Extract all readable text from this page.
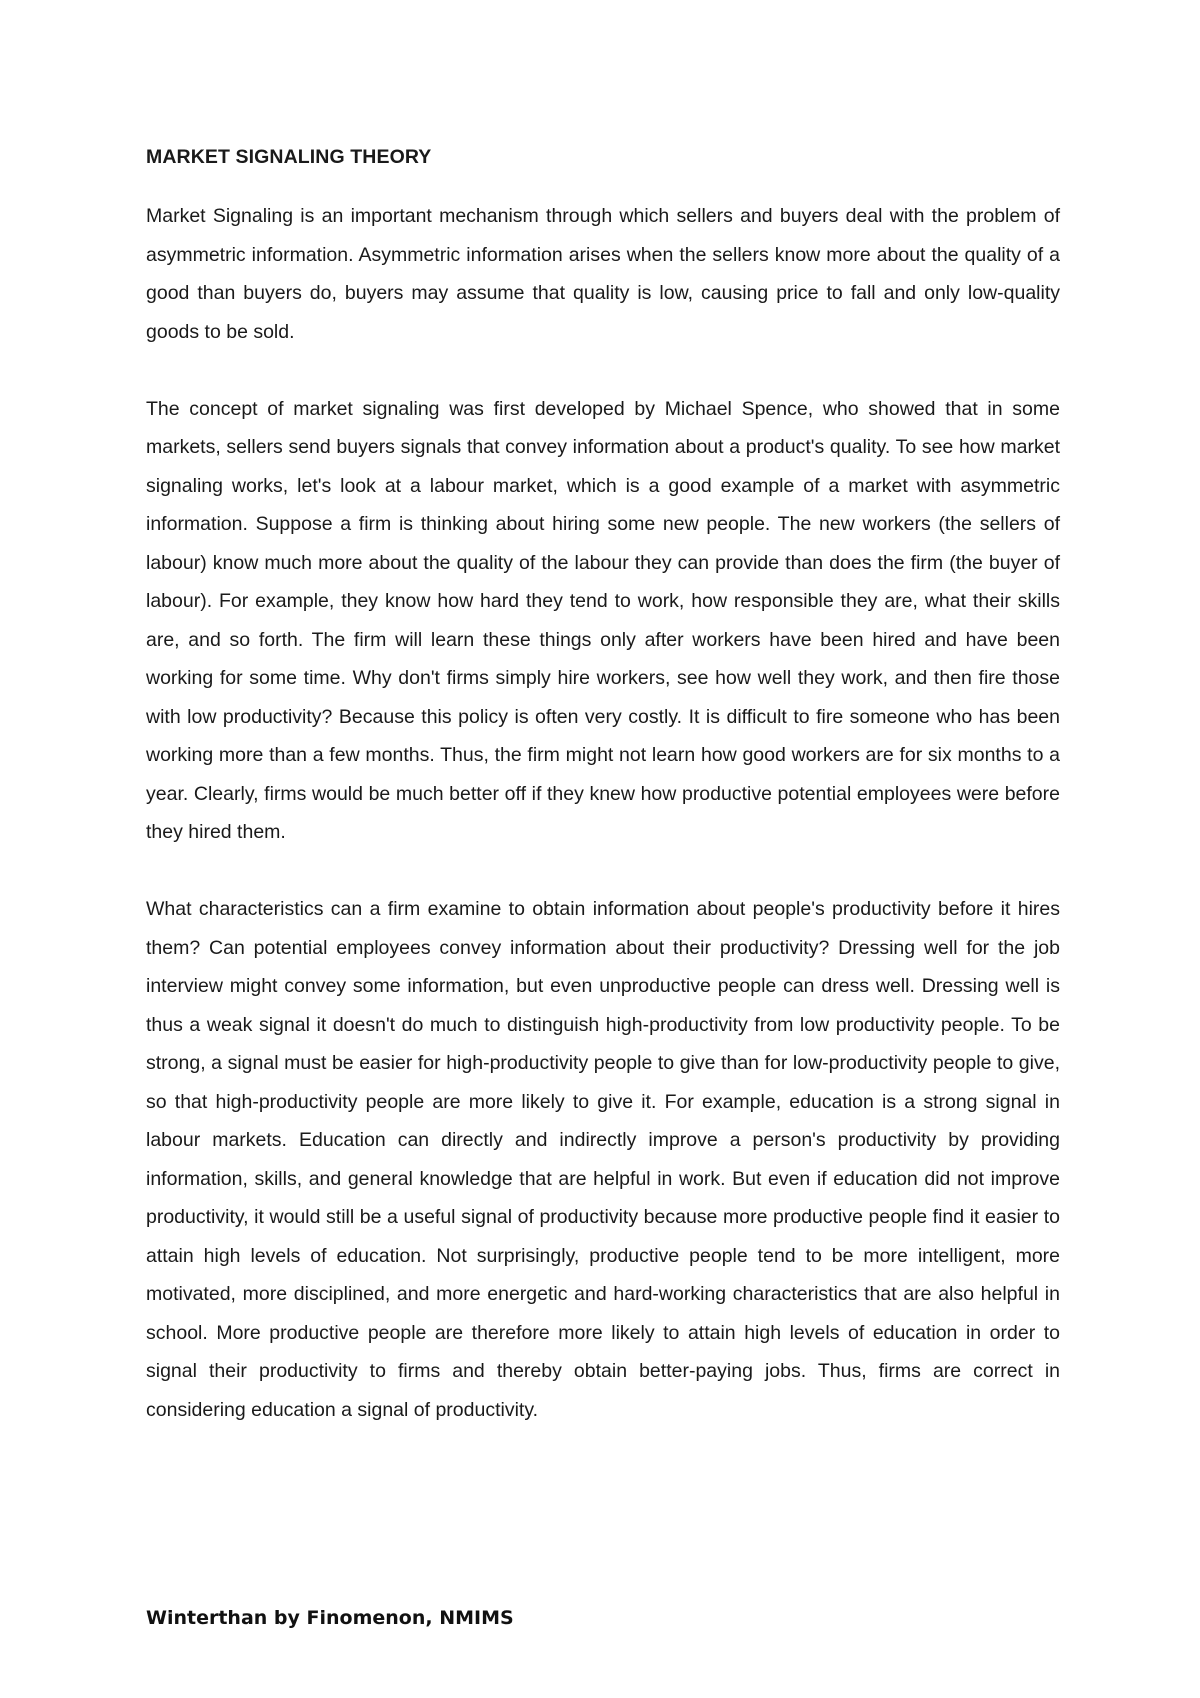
MARKET SIGNALING THEORY

Market Signaling is an important mechanism through which sellers and buyers deal with the problem of asymmetric information. Asymmetric information arises when the sellers know more about the quality of a good than buyers do, buyers may assume that quality is low, causing price to fall and only low-quality goods to be sold.

The concept of market signaling was first developed by Michael Spence, who showed that in some markets, sellers send buyers signals that convey information about a product's quality. To see how market signaling works, let's look at a labour market, which is a good example of a market with asymmetric information. Suppose a firm is thinking about hiring some new people. The new workers (the sellers of labour) know much more about the quality of the labour they can provide than does the firm (the buyer of labour). For example, they know how hard they tend to work, how responsible they are, what their skills are, and so forth. The firm will learn these things only after workers have been hired and have been working for some time. Why don't firms simply hire workers, see how well they work, and then fire those with low productivity? Because this policy is often very costly. It is difficult to fire someone who has been working more than a few months. Thus, the firm might not learn how good workers are for six months to a year. Clearly, firms would be much better off if they knew how productive potential employees were before they hired them.

What characteristics can a firm examine to obtain information about people's productivity before it hires them? Can potential employees convey information about their productivity? Dressing well for the job interview might convey some information, but even unproductive people can dress well. Dressing well is thus a weak signal it doesn't do much to distinguish high-productivity from low productivity people. To be strong, a signal must be easier for high-productivity people to give than for low-productivity people to give, so that high-productivity people are more likely to give it. For example, education is a strong signal in labour markets. Education can directly and indirectly improve a person's productivity by providing information, skills, and general knowledge that are helpful in work. But even if education did not improve productivity, it would still be a useful signal of productivity because more productive people find it easier to attain high levels of education. Not surprisingly, productive people tend to be more intelligent, more motivated, more disciplined, and more energetic and hard-working characteristics that are also helpful in school. More productive people are therefore more likely to attain high levels of education in order to signal their productivity to firms and thereby obtain better-paying jobs. Thus, firms are correct in considering education a signal of productivity.

Winterthan by Finomenon, NMIMS
